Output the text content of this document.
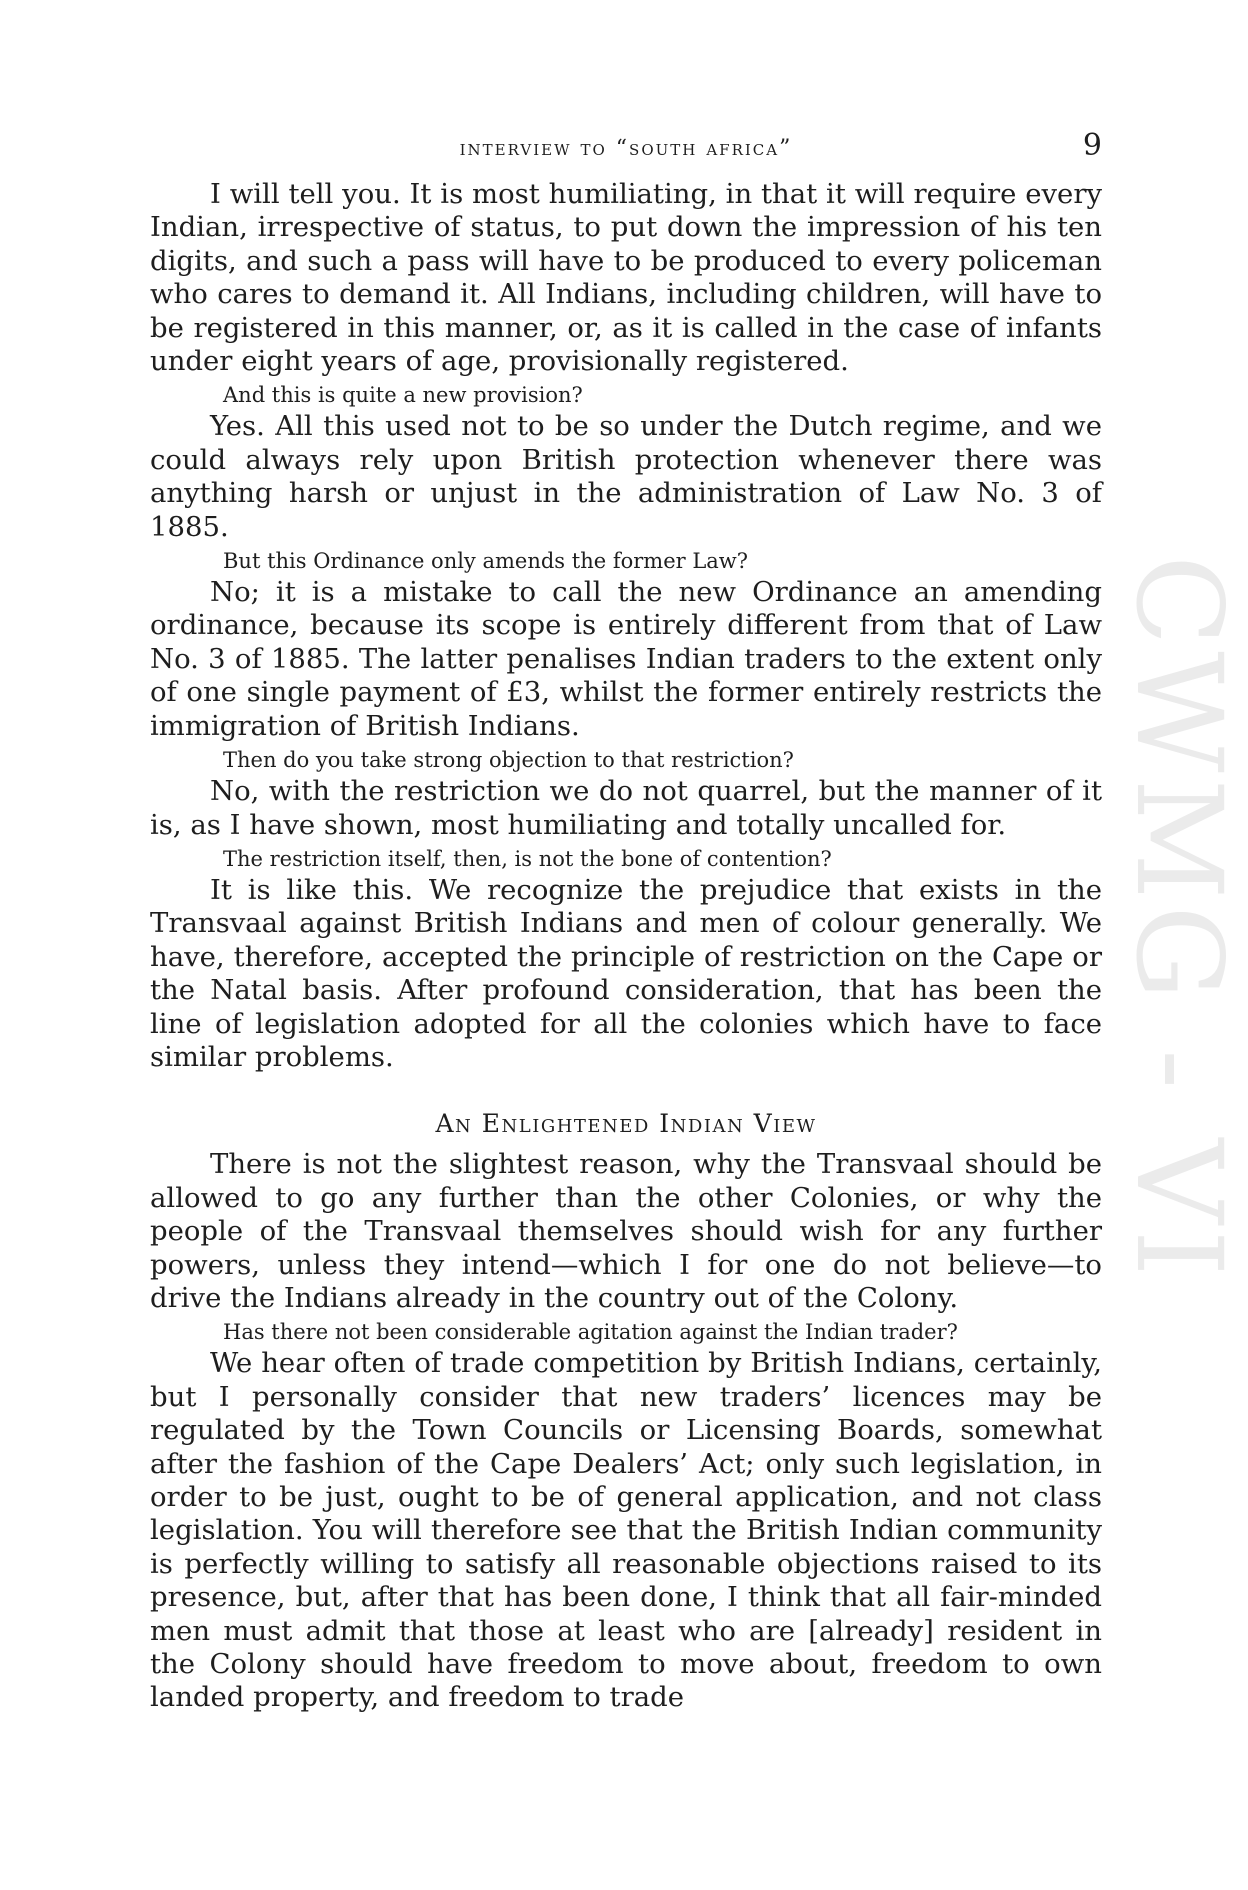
CWMG - VI
interview to “south africa”	9

I will tell you. It is most humiliating, in that it will require every Indian, irrespective of status, to put down the impression of his ten digits, and such a pass will have to be produced to every policeman who cares to demand it. All Indians, including children, will have to be registered in this manner, or, as it is called in the case of infants under eight years of age, provisionally registered.

And this is quite a new provision?

Yes. All this used not to be so under the Dutch regime, and we could always rely upon British protection whenever there was anything harsh or unjust in the administration of Law No. 3 of 1885.

But this Ordinance only amends the former Law?

No; it is a mistake to call the new Ordinance an amending ordinance, because its scope is entirely different from that of Law No. 3 of 1885. The latter penalises Indian traders to the extent only of one single payment of £3, whilst the former entirely restricts the immigration of British Indians.

Then do you take strong objection to that restriction?

No, with the restriction we do not quarrel, but the manner of it is, as I have shown, most humiliating and totally uncalled for.

The restriction itself, then, is not the bone of contention?

It is like this. We recognize the prejudice that exists in the Transvaal against British Indians and men of colour generally. We have, therefore, accepted the principle of restriction on the Cape or the Natal basis. After profound consideration, that has been the line of legislation adopted for all the colonies which have to face similar problems.

An Enlightened Indian View

There is not the slightest reason, why the Transvaal should be allowed to go any further than the other Colonies, or why the people of the Transvaal themselves should wish for any further powers, unless they intend—which I for one do not believe—to drive the Indians already in the country out of the Colony.

Has there not been considerable agitation against the Indian trader?

We hear often of trade competition by British Indians, certainly, but I personally consider that new traders’ licences may be regulated by the Town Councils or Licensing Boards, somewhat after the fashion of the Cape Dealers’ Act; only such legislation, in order to be just, ought to be of general application, and not class legislation. You will therefore see that the British Indian community is perfectly willing to satisfy all reasonable objections raised to its presence, but, after that has been done, I think that all fair-minded men must admit that those at least who are [already] resident in the Colony should have freedom to move about, freedom to own landed property, and freedom to trade
